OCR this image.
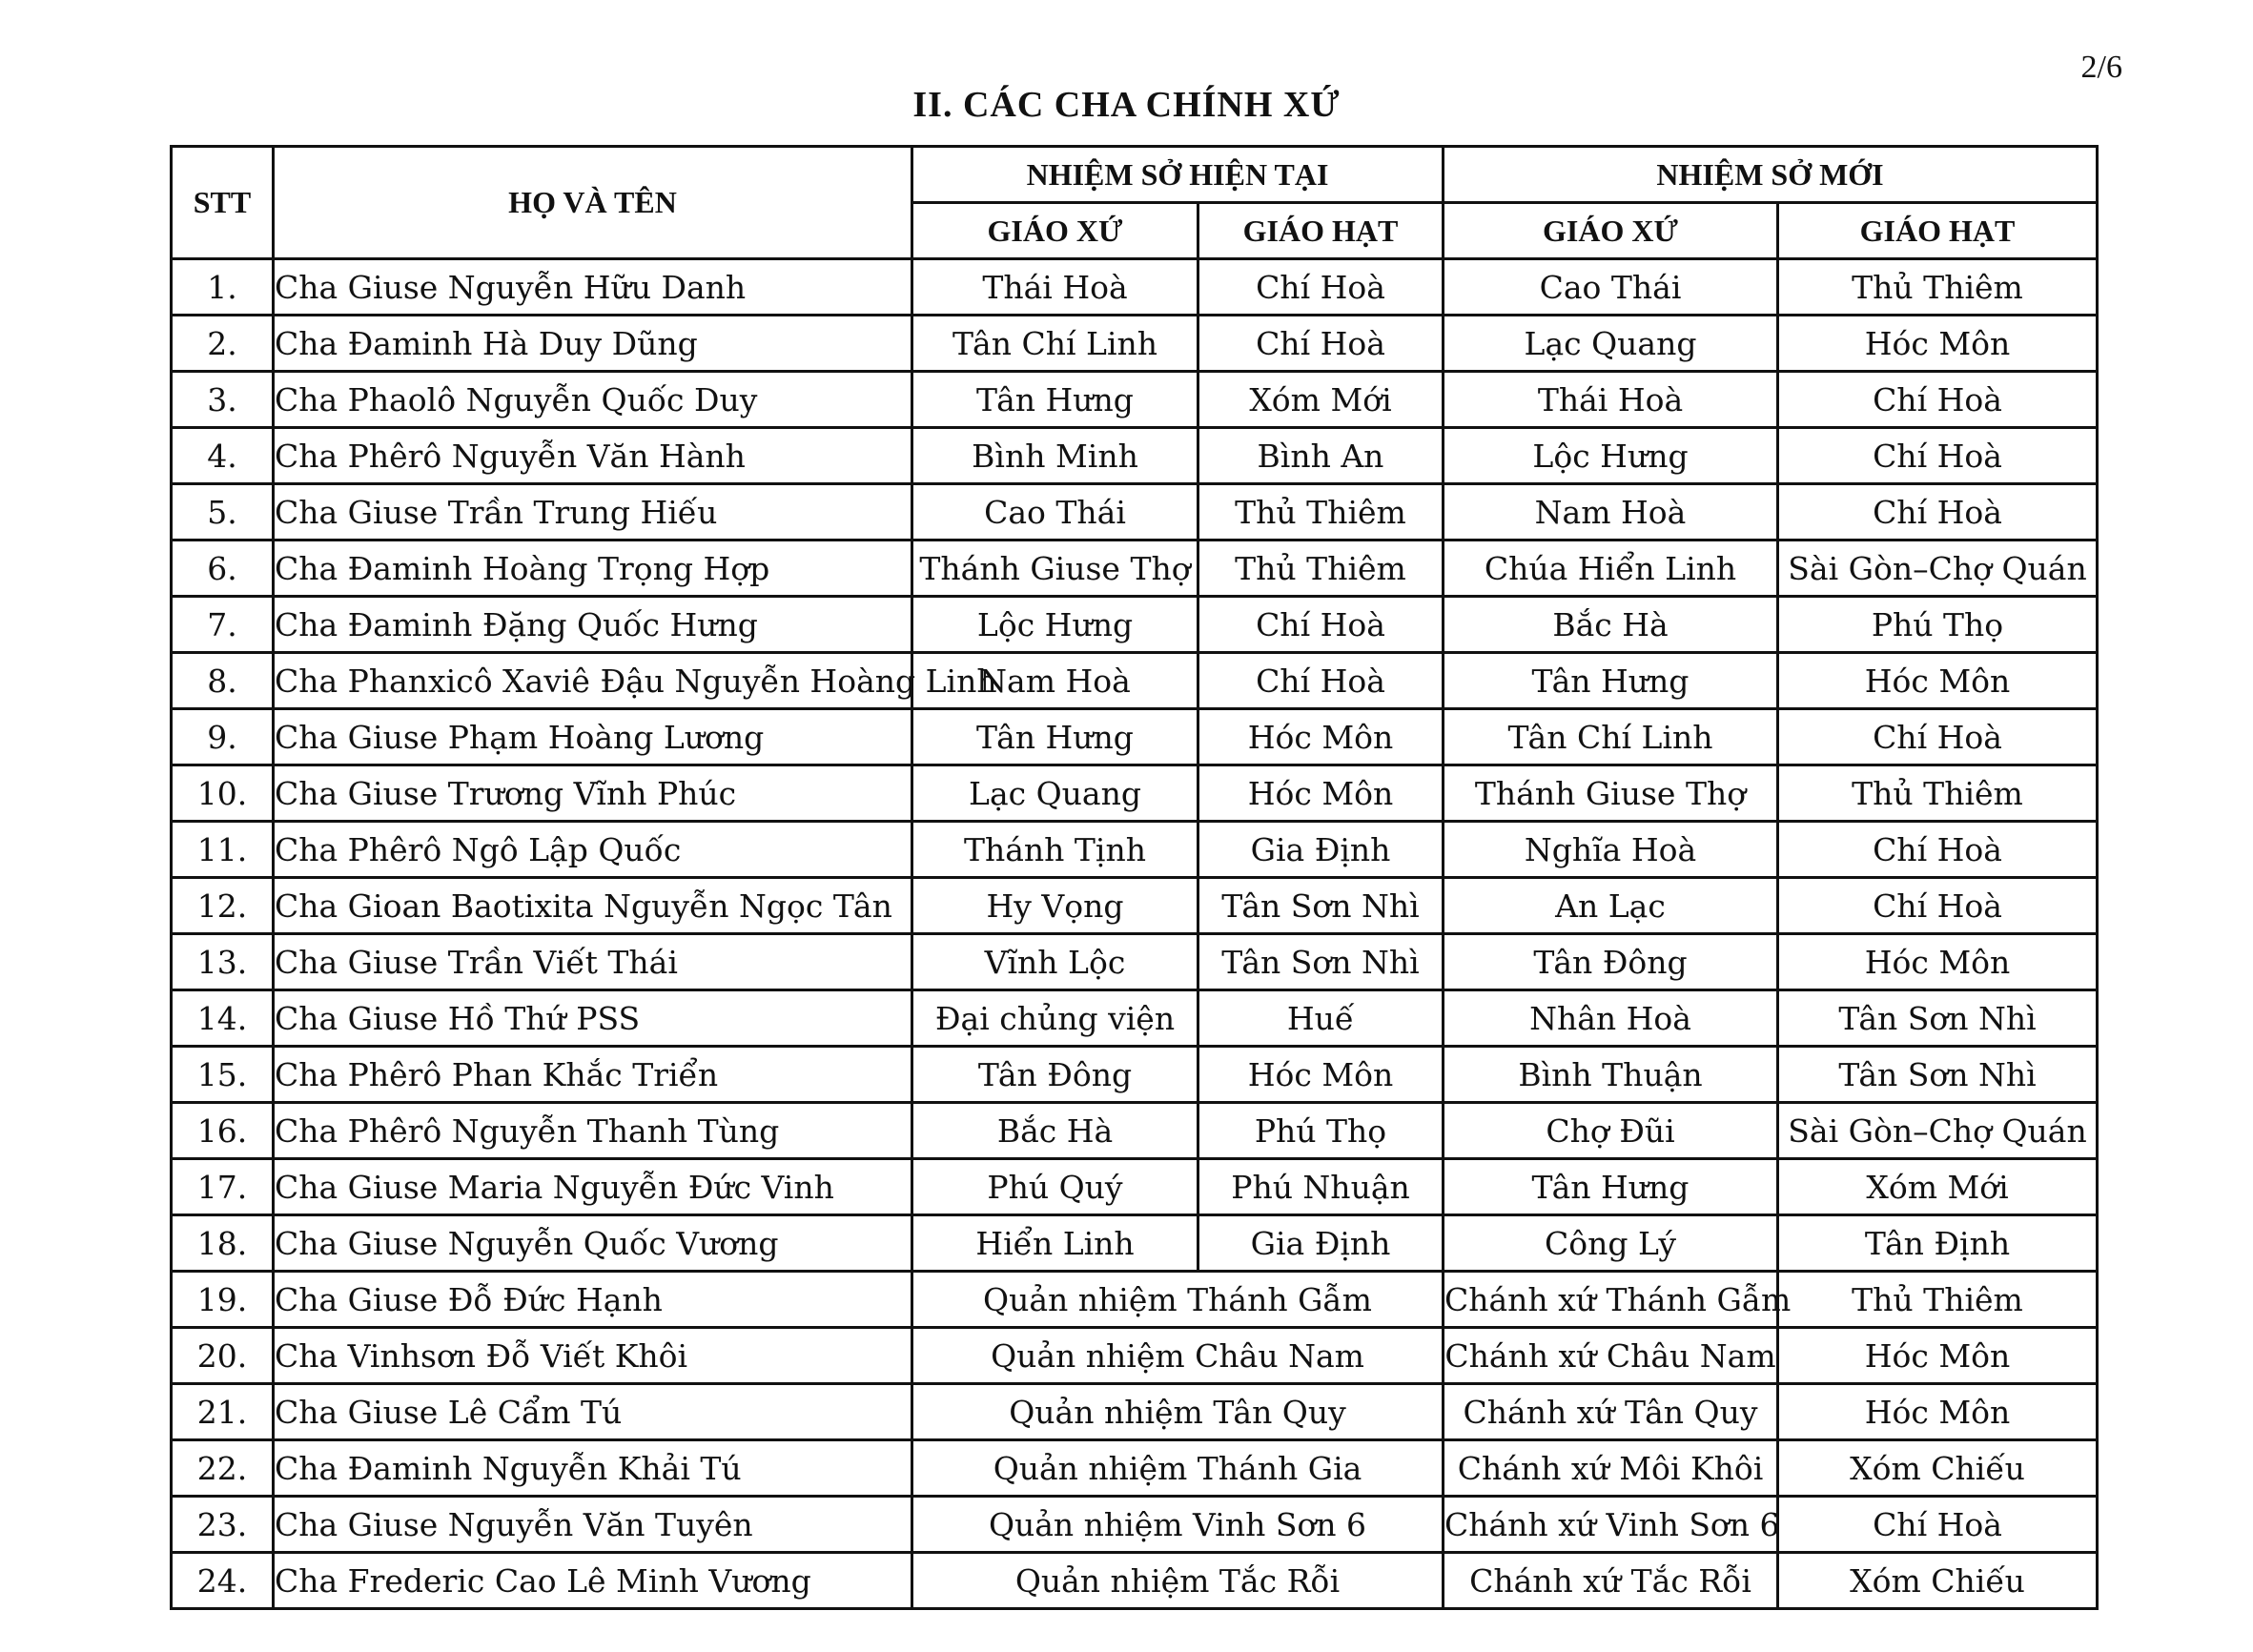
2/6
II. CÁC CHA CHÍNH XỨ
STT	HỌ VÀ TÊN	NHIỆM SỞ HIỆN TẠI		NHIỆM SỞ MỚI	
		GIÁO XỨ	GIÁO HẠT	GIÁO XỨ	GIÁO HẠT
1.	Cha Giuse Nguyễn Hữu Danh	Thái Hoà	Chí Hoà	Cao Thái	Thủ Thiêm
2.	Cha Đaminh Hà Duy Dũng	Tân Chí Linh	Chí Hoà	Lạc Quang	Hóc Môn
3.	Cha Phaolô Nguyễn Quốc Duy	Tân Hưng	Xóm Mới	Thái Hoà	Chí Hoà
4.	Cha Phêrô Nguyễn Văn Hành	Bình Minh	Bình An	Lộc Hưng	Chí Hoà
5.	Cha Giuse Trần Trung Hiếu	Cao Thái	Thủ Thiêm	Nam Hoà	Chí Hoà
6.	Cha Đaminh Hoàng Trọng Hợp	Thánh Giuse Thợ	Thủ Thiêm	Chúa Hiển Linh	Sài Gòn–Chợ Quán
7.	Cha Đaminh Đặng Quốc Hưng	Lộc Hưng	Chí Hoà	Bắc Hà	Phú Thọ
8.	Cha Phanxicô Xaviê Đậu Nguyễn Hoàng Linh	Nam Hoà	Chí Hoà	Tân Hưng	Hóc Môn
9.	Cha Giuse Phạm Hoàng Lương	Tân Hưng	Hóc Môn	Tân Chí Linh	Chí Hoà
10.	Cha Giuse Trương Vĩnh Phúc	Lạc Quang	Hóc Môn	Thánh Giuse Thợ	Thủ Thiêm
11.	Cha Phêrô Ngô Lập Quốc	Thánh Tịnh	Gia Định	Nghĩa Hoà	Chí Hoà
12.	Cha Gioan Baotixita Nguyễn Ngọc Tân	Hy Vọng	Tân Sơn Nhì	An Lạc	Chí Hoà
13.	Cha Giuse Trần Viết Thái	Vĩnh Lộc	Tân Sơn Nhì	Tân Đông	Hóc Môn
14.	Cha Giuse Hồ Thứ PSS	Đại chủng viện	Huế	Nhân Hoà	Tân Sơn Nhì
15.	Cha Phêrô Phan Khắc Triển	Tân Đông	Hóc Môn	Bình Thuận	Tân Sơn Nhì
16.	Cha Phêrô Nguyễn Thanh Tùng	Bắc Hà	Phú Thọ	Chợ Đũi	Sài Gòn–Chợ Quán
17.	Cha Giuse Maria Nguyễn Đức Vinh	Phú Quý	Phú Nhuận	Tân Hưng	Xóm Mới
18.	Cha Giuse Nguyễn Quốc Vương	Hiển Linh	Gia Định	Công Lý	Tân Định
19.	Cha Giuse Đỗ Đức Hạnh	Quản nhiệm Thánh Gẫm		Chánh xứ Thánh Gẫm	Thủ Thiêm
20.	Cha Vinhsơn Đỗ Viết Khôi	Quản nhiệm Châu Nam		Chánh xứ Châu Nam	Hóc Môn
21.	Cha Giuse Lê Cẩm Tú	Quản nhiệm Tân Quy		Chánh xứ Tân Quy	Hóc Môn
22.	Cha Đaminh Nguyễn Khải Tú	Quản nhiệm Thánh Gia		Chánh xứ Môi Khôi	Xóm Chiếu
23.	Cha Giuse Nguyễn Văn Tuyên	Quản nhiệm Vinh Sơn 6		Chánh xứ Vinh Sơn 6	Chí Hoà
24.	Cha Frederic Cao Lê Minh Vương	Quản nhiệm Tắc Rỗi		Chánh xứ Tắc Rỗi	Xóm Chiếu
